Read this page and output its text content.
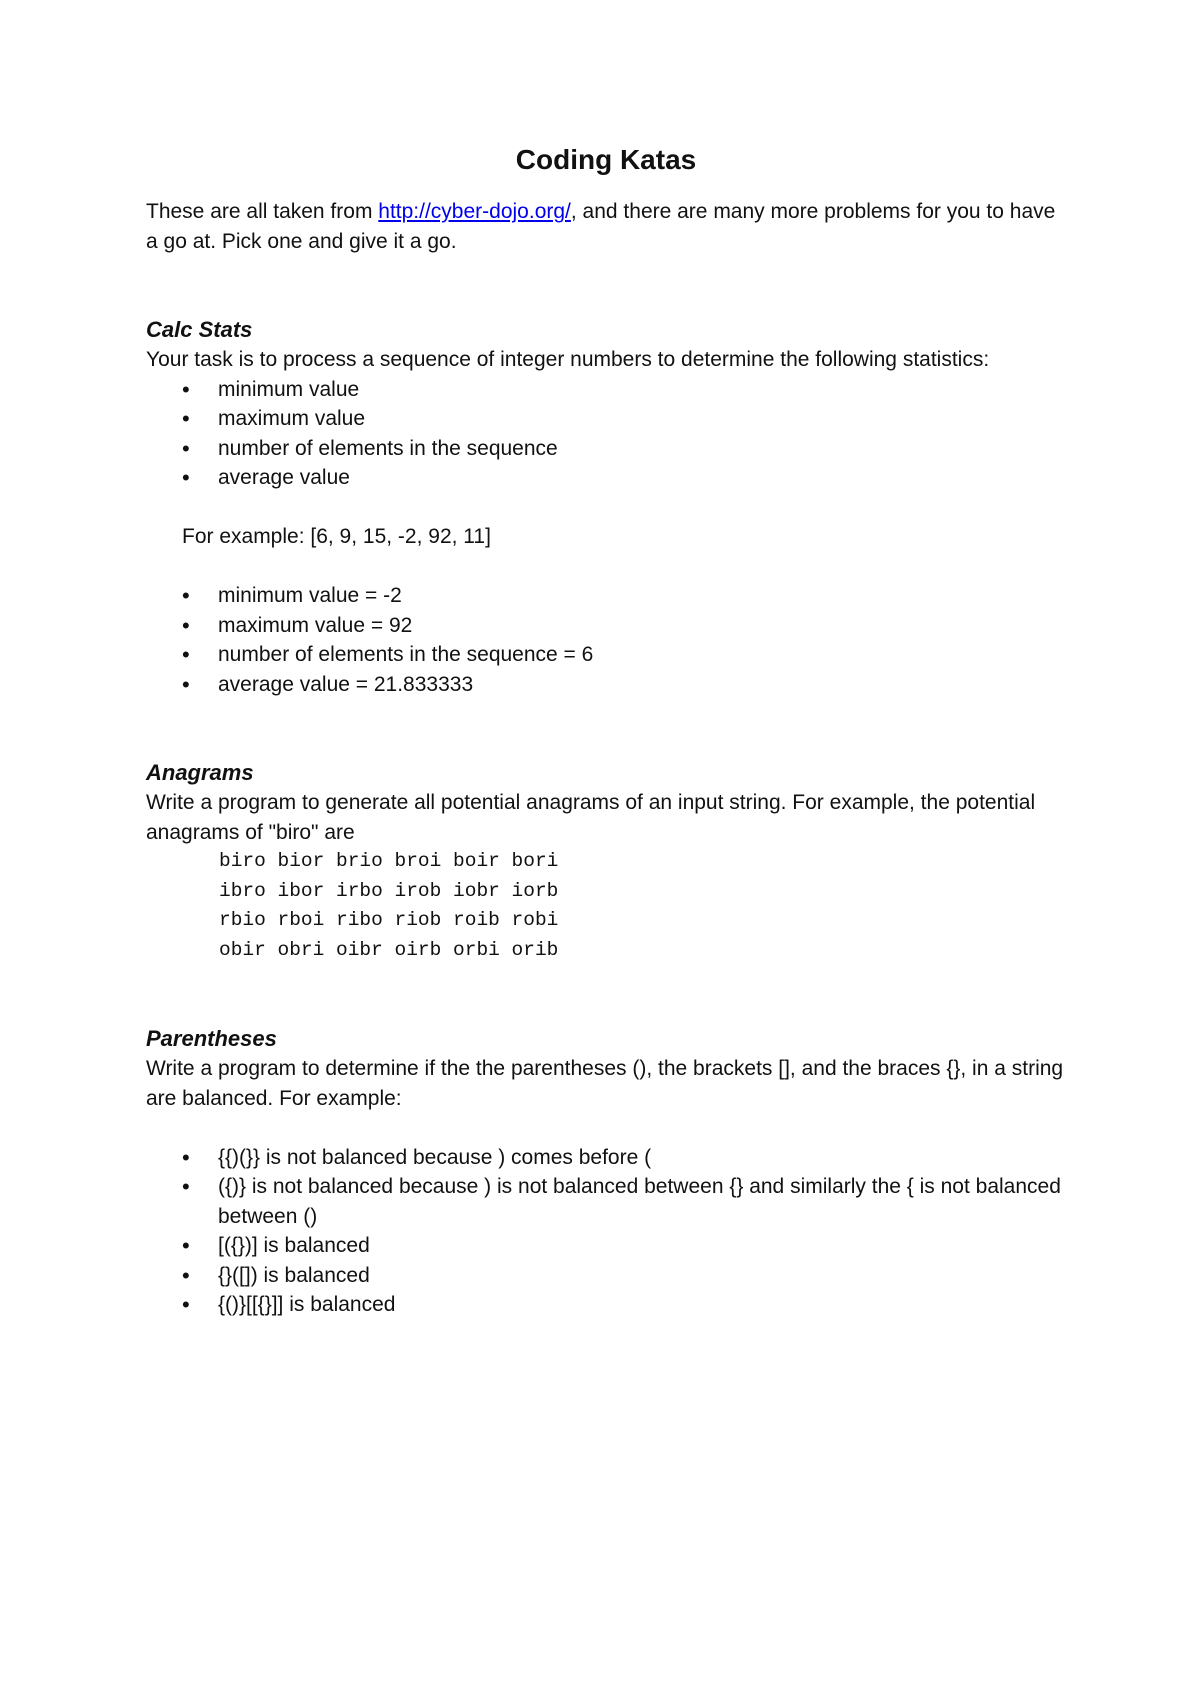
Coding Katas

These are all taken from http://cyber-dojo.org/, and there are many more problems for you to have a go at. Pick one and give it a go.

Calc Stats

Your task is to process a sequence of integer numbers to determine the following statistics:

• minimum value
• maximum value
• number of elements in the sequence
• average value

For example: [6, 9, 15, -2, 92, 11]

• minimum value = -2
• maximum value = 92
• number of elements in the sequence = 6
• average value = 21.833333
Anagrams

Write a program to generate all potential anagrams of an input string. For example, the potential anagrams of "biro" are

biro bior brio broi boir bori
ibro ibor irbo irob iobr iorb
rbio rboi ribo riob roib robi
obir obri oibr oirb orbi orib
Parentheses

Write a program to determine if the the parentheses (), the brackets [], and the braces {}, in a string are balanced. For example:

• {{)(}} is not balanced because ) comes before (
• ({)} is not balanced because ) is not balanced between {} and similarly the { is not balanced between ()
• [({})] is balanced
• {}([]) is balanced
• {()}[[{}]] is balanced
